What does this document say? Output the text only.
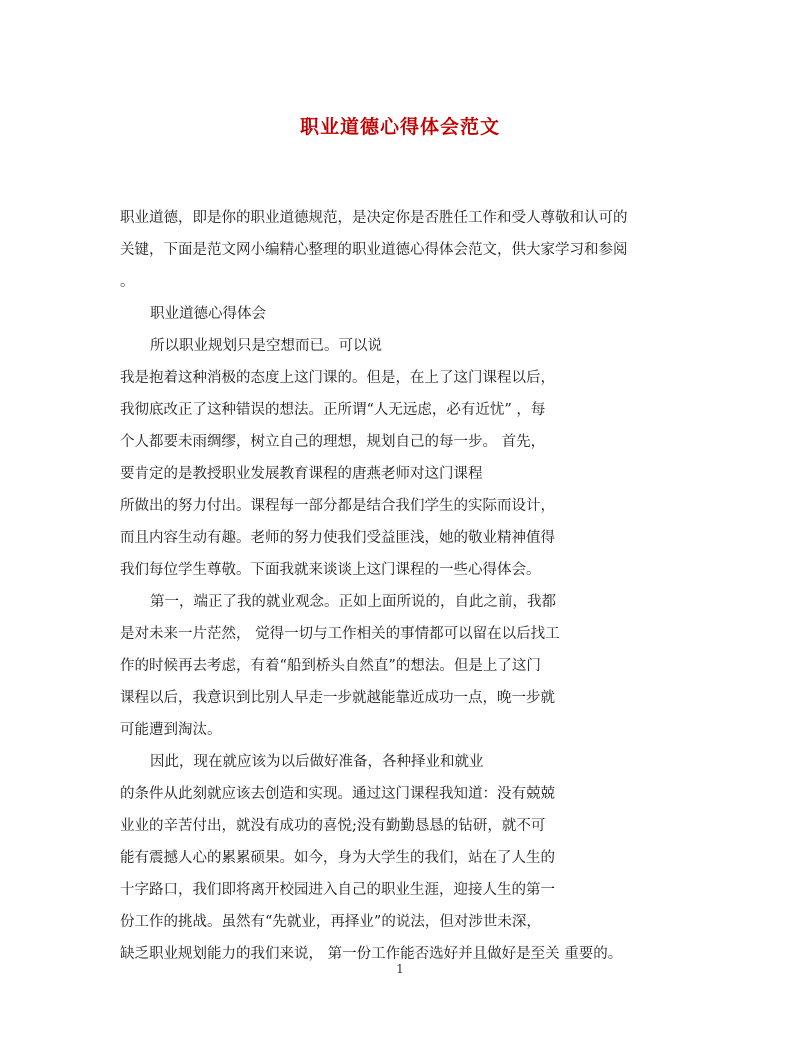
职业道德心得体会范文
职业道德，即是你的职业道德规范，是决定你是否胜任工作和受人尊敬和认可的
关键，下面是范文网小编精心整理的职业道德心得体会范文，供大家学习和参阅
。
职业道德心得体会
所以职业规划只是空想而已。可以说
我是抱着这种消极的态度上这门课的。但是，在上了这门课程以后，
我彻底改正了这种错误的想法。正所谓“人无远虑，必有近忧” ，每
个人都要未雨绸缪，树立自己的理想，规划自己的每一步。 首先，
要肯定的是教授职业发展教育课程的唐燕老师对这门课程
所做出的努力付出。课程每一部分都是结合我们学生的实际而设计，
而且内容生动有趣。老师的努力使我们受益匪浅，她的敬业精神值得
我们每位学生尊敬。下面我就来谈谈上这门课程的一些心得体会。
第一，端正了我的就业观念。正如上面所说的，自此之前，我都
是对未来一片茫然， 觉得一切与工作相关的事情都可以留在以后找工
作的时候再去考虑，有着“船到桥头自然直”的想法。但是上了这门
课程以后，我意识到比别人早走一步就越能靠近成功一点，晚一步就
可能遭到淘汰。
因此，现在就应该为以后做好准备，各种择业和就业
的条件从此刻就应该去创造和实现。通过这门课程我知道：没有兢兢
业业的辛苦付出，就没有成功的喜悦;没有勤勤恳恳的钻研，就不可
能有震撼人心的累累硕果。如今，身为大学生的我们，站在了人生的
十字路口，我们即将离开校园进入自己的职业生涯，迎接人生的第一
份工作的挑战。虽然有“先就业，再择业”的说法，但对涉世未深，
缺乏职业规划能力的我们来说， 第一份工作能否选好并且做好是至关 重要的。
1
